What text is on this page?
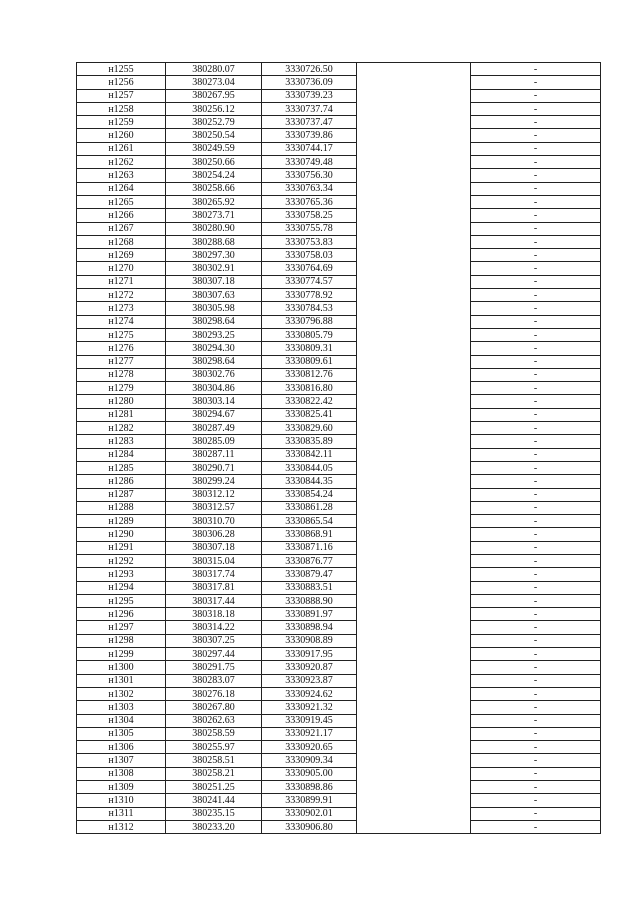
н1255	380280.07	3330726.50		-
н1256	380273.04	3330736.09		-
н1257	380267.95	3330739.23		-
н1258	380256.12	3330737.74		-
н1259	380252.79	3330737.47		-
н1260	380250.54	3330739.86		-
н1261	380249.59	3330744.17		-
н1262	380250.66	3330749.48		-
н1263	380254.24	3330756.30		-
н1264	380258.66	3330763.34		-
н1265	380265.92	3330765.36		-
н1266	380273.71	3330758.25		-
н1267	380280.90	3330755.78		-
н1268	380288.68	3330753.83		-
н1269	380297.30	3330758.03		-
н1270	380302.91	3330764.69		-
н1271	380307.18	3330774.57		-
н1272	380307.63	3330778.92		-
н1273	380305.98	3330784.53		-
н1274	380298.64	3330796.88		-
н1275	380293.25	3330805.79		-
н1276	380294.30	3330809.31		-
н1277	380298.64	3330809.61		-
н1278	380302.76	3330812.76		-
н1279	380304.86	3330816.80		-
н1280	380303.14	3330822.42		-
н1281	380294.67	3330825.41		-
н1282	380287.49	3330829.60		-
н1283	380285.09	3330835.89		-
н1284	380287.11	3330842.11		-
н1285	380290.71	3330844.05		-
н1286	380299.24	3330844.35		-
н1287	380312.12	3330854.24		-
н1288	380312.57	3330861.28		-
н1289	380310.70	3330865.54		-
н1290	380306.28	3330868.91		-
н1291	380307.18	3330871.16		-
н1292	380315.04	3330876.77		-
н1293	380317.74	3330879.47		-
н1294	380317.81	3330883.51		-
н1295	380317.44	3330888.90		-
н1296	380318.18	3330891.97		-
н1297	380314.22	3330898.94		-
н1298	380307.25	3330908.89		-
н1299	380297.44	3330917.95		-
н1300	380291.75	3330920.87		-
н1301	380283.07	3330923.87		-
н1302	380276.18	3330924.62		-
н1303	380267.80	3330921.32		-
н1304	380262.63	3330919.45		-
н1305	380258.59	3330921.17		-
н1306	380255.97	3330920.65		-
н1307	380258.51	3330909.34		-
н1308	380258.21	3330905.00		-
н1309	380251.25	3330898.86		-
н1310	380241.44	3330899.91		-
н1311	380235.15	3330902.01		-
н1312	380233.20	3330906.80		-
